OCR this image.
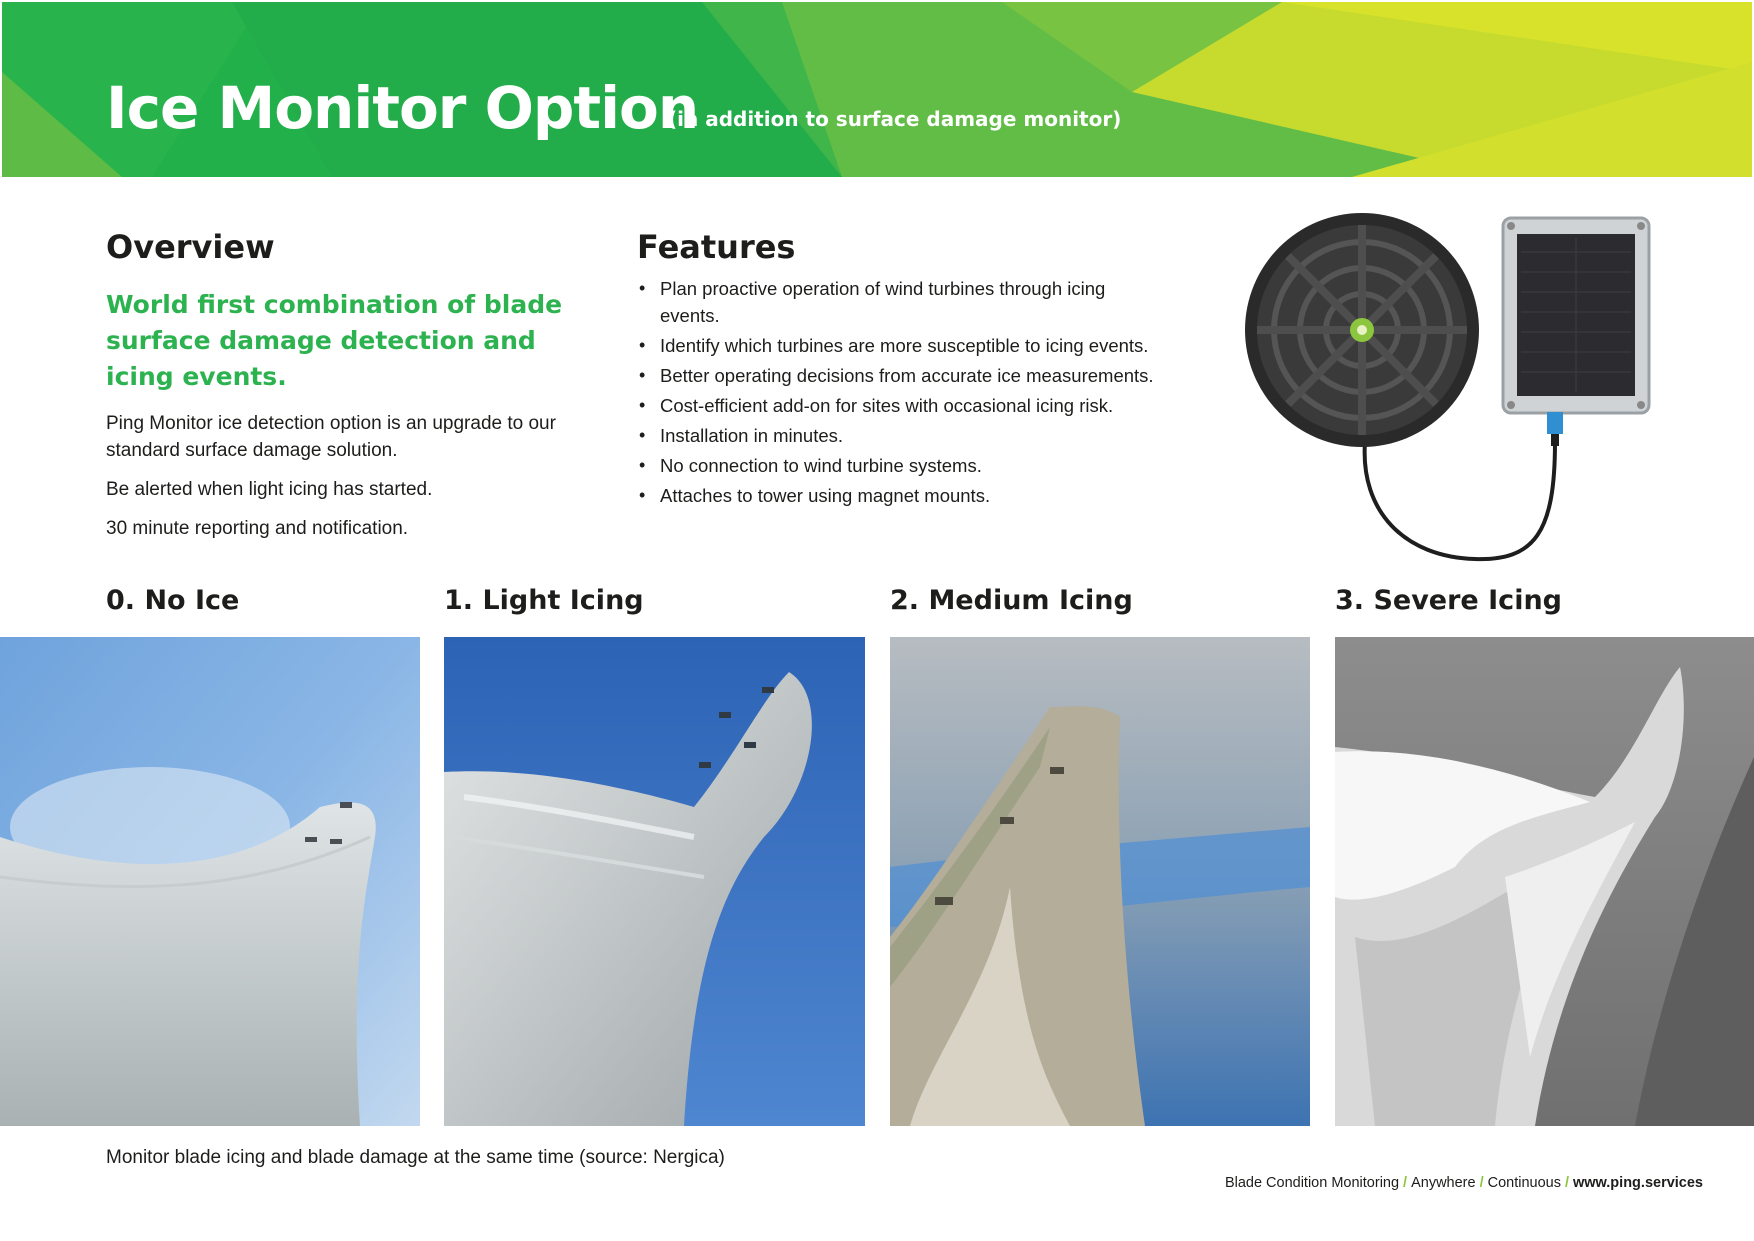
Ice Monitor Option
(in addition to surface damage monitor)
Overview
World first combination of blade surface damage detection and icing events.
Ping Monitor ice detection option is an upgrade to our standard surface damage solution.
Be alerted when light icing has started.
30 minute reporting and notification.
Features
• Plan proactive operation of wind turbines through icing events.
• Identify which turbines are more susceptible to icing events.
• Better operating decisions from accurate ice measurements.
• Cost-efficient add-on for sites with occasional icing risk.
• Installation in minutes.
• No connection to wind turbine systems.
• Attaches to tower using magnet mounts.
0. No Ice	1. Light Icing	2. Medium Icing	3. Severe Icing
Monitor blade icing and blade damage at the same time (source: Nergica)
Blade Condition Monitoring / Anywhere / Continuous / www.ping.services
